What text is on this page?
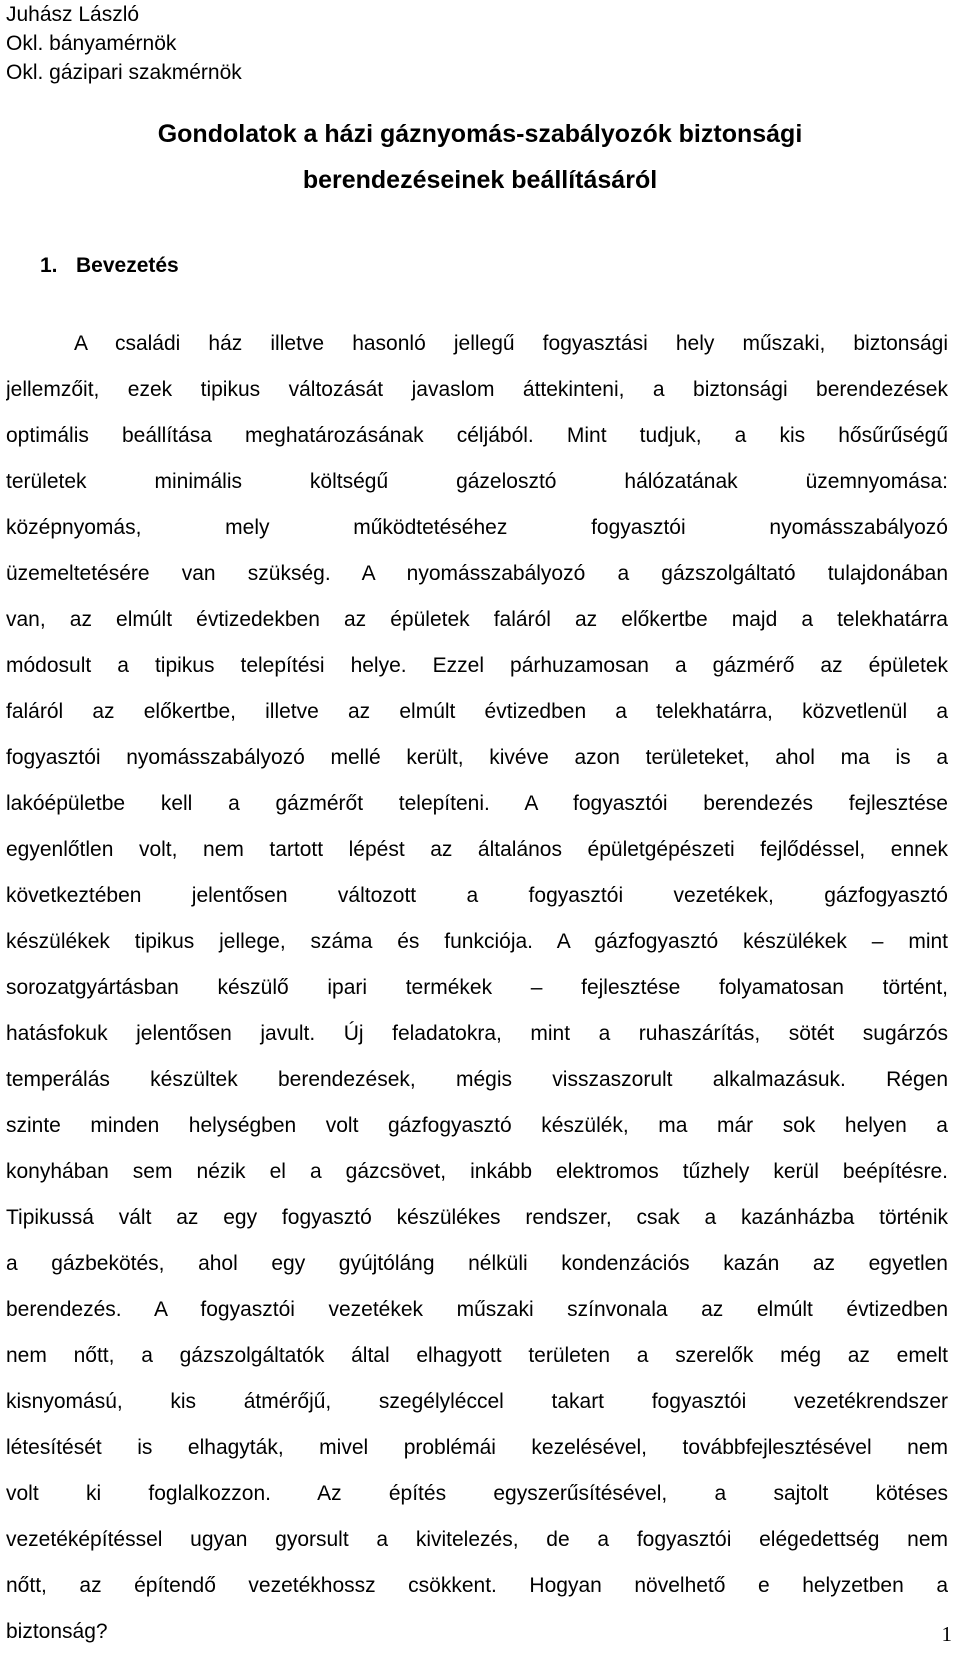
Juhász László
Okl. bányamérnök
Okl. gázipari szakmérnök
Gondolatok a házi gáznyomás-szabályozók biztonsági
berendezéseinek beállításáról
1. Bevezetés
A családi ház illetve hasonló jellegű fogyasztási hely műszaki, biztonsági
jellemzőit, ezek tipikus változását javaslom áttekinteni, a biztonsági berendezések
optimális beállítása meghatározásának céljából. Mint tudjuk, a kis hősűrűségű
területek minimális költségű gázelosztó hálózatának üzemnyomása:
középnyomás, mely működtetéséhez fogyasztói nyomásszabályozó
üzemeltetésére van szükség. A nyomásszabályozó a gázszolgáltató tulajdonában
van, az elmúlt évtizedekben az épületek faláról az előkertbe majd a telekhatárra
módosult a tipikus telepítési helye. Ezzel párhuzamosan a gázmérő az épületek
faláról az előkertbe, illetve az elmúlt évtizedben a telekhatárra, közvetlenül a
fogyasztói nyomásszabályozó mellé került, kivéve azon területeket, ahol ma is a
lakóépületbe kell a gázmérőt telepíteni. A fogyasztói berendezés fejlesztése
egyenlőtlen volt, nem tartott lépést az általános épületgépészeti fejlődéssel, ennek
következtében jelentősen változott a fogyasztói vezetékek, gázfogyasztó
készülékek tipikus jellege, száma és funkciója. A gázfogyasztó készülékek – mint
sorozatgyártásban készülő ipari termékek – fejlesztése folyamatosan történt,
hatásfokuk jelentősen javult. Új feladatokra, mint a ruhaszárítás, sötét sugárzós
temperálás készültek berendezések, mégis visszaszorult alkalmazásuk. Régen
szinte minden helységben volt gázfogyasztó készülék, ma már sok helyen a
konyhában sem nézik el a gázcsövet, inkább elektromos tűzhely kerül beépítésre.
Tipikussá vált az egy fogyasztó készülékes rendszer, csak a kazánházba történik
a gázbekötés, ahol egy gyújtóláng nélküli kondenzációs kazán az egyetlen
berendezés. A fogyasztói vezetékek műszaki színvonala az elmúlt évtizedben
nem nőtt, a gázszolgáltatók által elhagyott területen a szerelők még az emelt
kisnyomású, kis átmérőjű, szegélyléccel takart fogyasztói vezetékrendszer
létesítését is elhagyták, mivel problémái kezelésével, továbbfejlesztésével nem
volt ki foglalkozzon. Az építés egyszerűsítésével, a sajtolt kötéses
vezetéképítéssel ugyan gyorsult a kivitelezés, de a fogyasztói elégedettség nem
nőtt, az építendő vezetékhossz csökkent. Hogyan növelhető e helyzetben a
biztonság?	1
